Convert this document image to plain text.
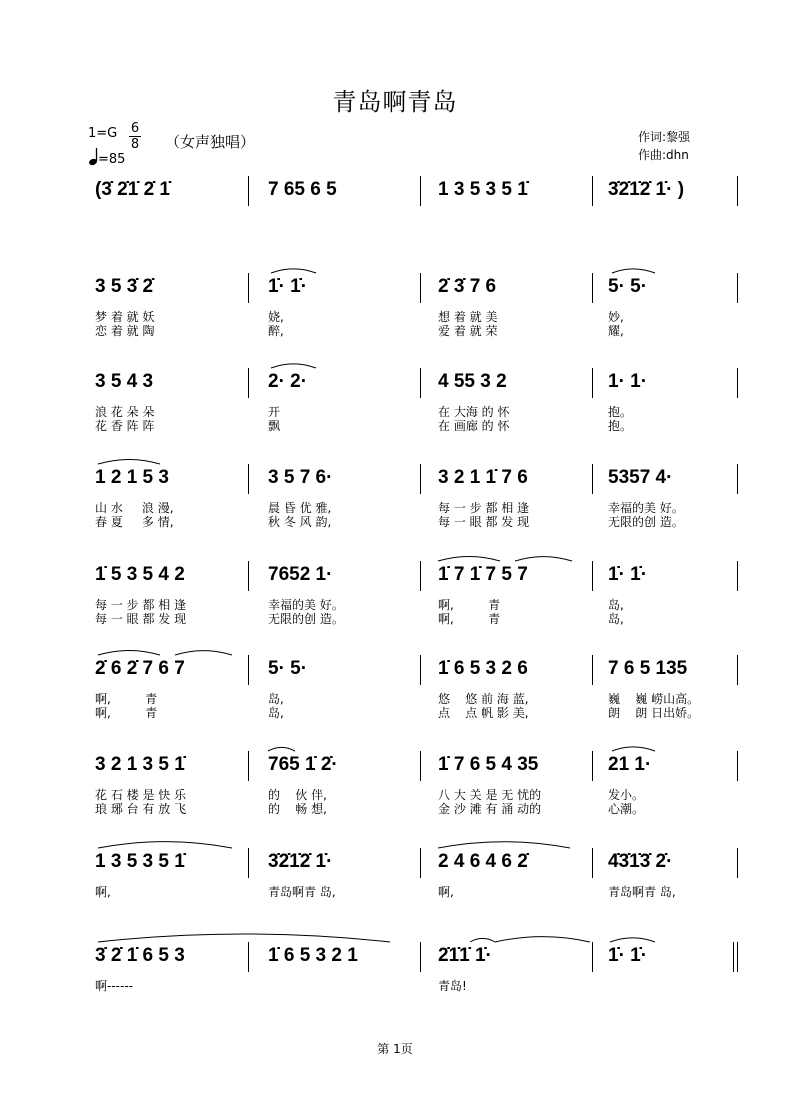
青岛啊青岛
1=G 6
8 （女声独唱）
=85
作词:黎强
作曲:dhn
(3̇ 2̇1̇ 2̇ 1̇	7 65 6 5	1 3 5 3 5 1̇	3̇2̇1̇2̇ 1̇· )
3 5 3̇ 2̇
梦 着 就 妖
恋 着 就 陶
1̇· 1̇·
娆,
醉,
2̇ 3̇ 7 6
想 着 就 美
爱 着 就 荣
5· 5·
妙,
耀,
3 5 4 3
浪 花 朵 朵
花 香 阵 阵
2· 2·
开
飘
4 55 3 2
在 大海 的 怀
在 画廊 的 怀
1· 1·
抱。
抱。
1 2 1 5 3
山 水     浪 漫,
春 夏     多 情,
3 5 7 6·
晨 昏 优 雅,
秋 冬 风 韵,
3 2 1 1̇ 7 6
每 一 步 都 相 逢
每 一 眼 都 发 现
5357 4·
幸福的美 好。
无限的创 造。
1̇ 5 3 5 4 2
每 一 步 都 相 逢
每 一 眼 都 发 现
7652 1·
幸福的美 好。
无限的创 造。
1̇ 7 1̇ 7 5 7
啊,         青
啊,         青
1̇· 1̇·
岛,
岛,
2̇ 6 2̇ 7 6 7
啊,         青
啊,         青
5· 5·
岛,
岛,
1̇ 6 5 3 2 6
悠    悠 前 海 蓝,
点    点 帆 影 美,
7 6 5 135
巍    巍 崂山高。
朗    朗 日出娇。
3 2 1 3 5 1̇
花 石 楼 是 快 乐
琅 琊 台 有 放 飞
765 1̇ 2̇·
的    伙 伴,
的    畅 想,
1̇ 7 6 5 4 35
八 大 关 是 无 忧的
金 沙 滩 有 涌 动的
21 1·
发小。
心潮。
1 3 5 3 5 1̇
啊,
3̇2̇1̇2̇ 1̇·
青岛啊青 岛,
2 4 6 4 6 2̇
啊,
4̇3̇1̇3̇ 2̇·
青岛啊青 岛,
3̇ 2̇ 1̇ 6 5 3
啊------
1̇ 6 5 3 2 1	2̇1̇1̇ 1̇·
青岛!
1̇· 1̇·
第 1页
